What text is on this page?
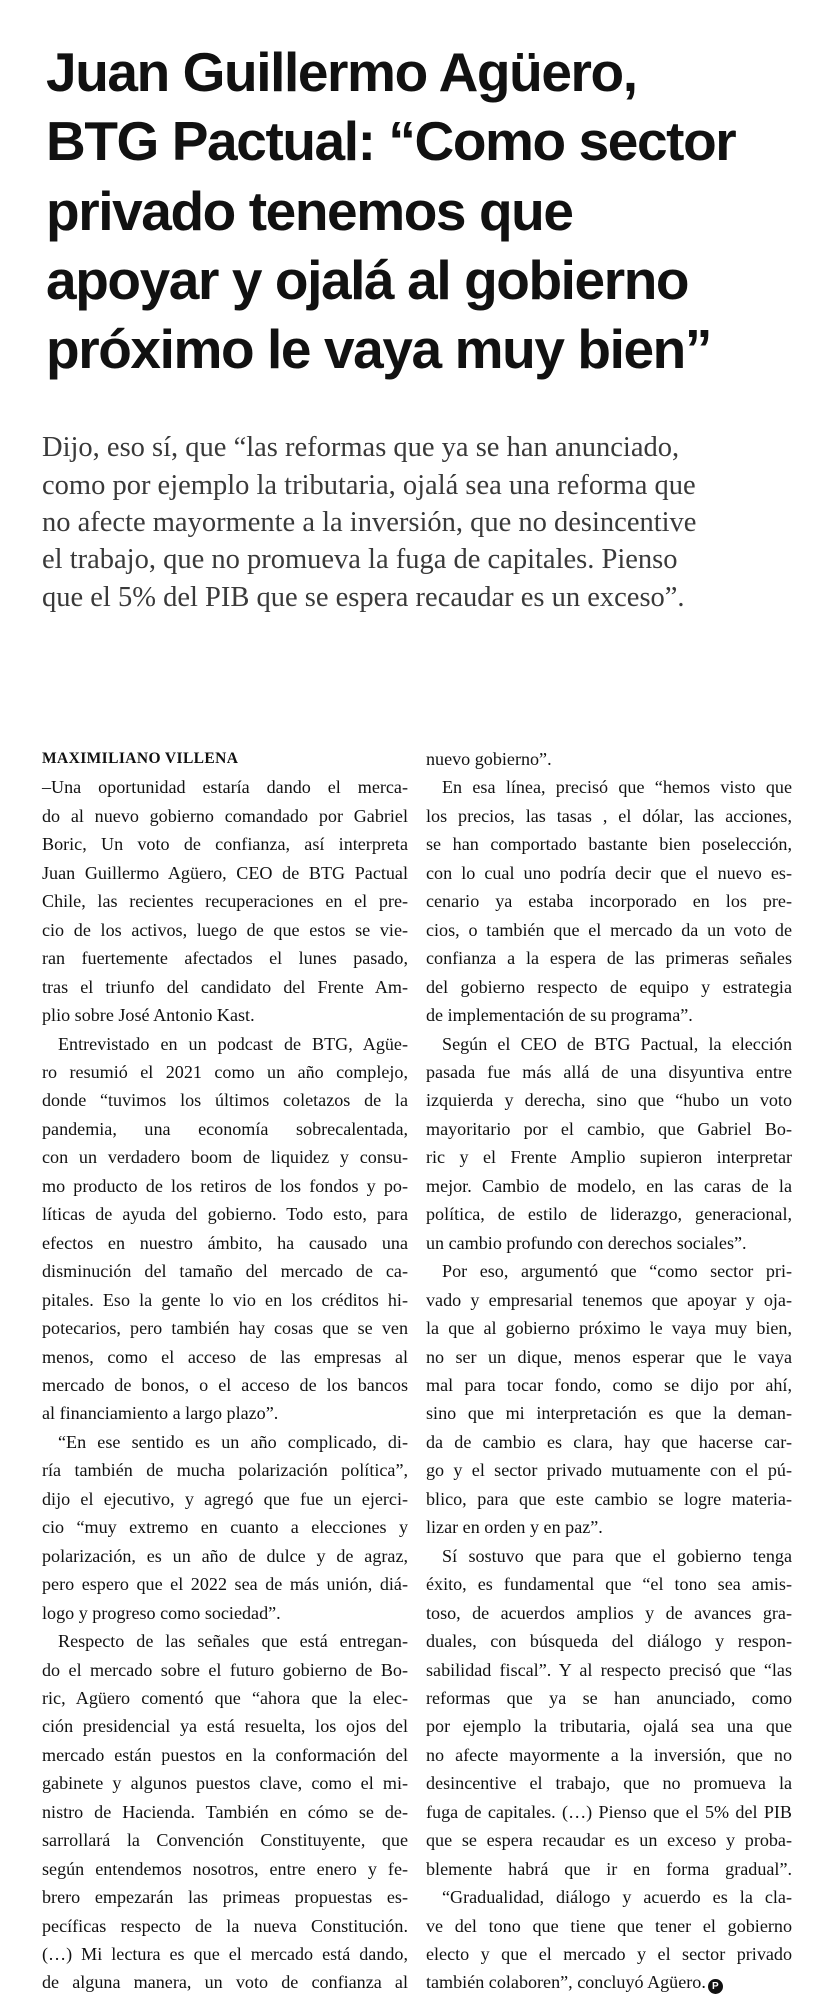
Juan Guillermo Agüero,
BTG Pactual: “Como sector
privado tenemos que
apoyar y ojalá al gobierno
próximo le vaya muy bien”
Dijo, eso sí, que “las reformas que ya se han anunciado,
como por ejemplo la tributaria, ojalá sea una reforma que
no afecte mayormente a la inversión, que no desincentive
el trabajo, que no promueva la fuga de capitales. Pienso
que el 5% del PIB que se espera recaudar es un exceso”.
MAXIMILIANO VILLENA
–Una oportunidad estaría dando el merca-
do al nuevo gobierno comandado por Gabriel
Boric, Un voto de confianza, así interpreta
Juan Guillermo Agüero, CEO de BTG Pactual
Chile, las recientes recuperaciones en el pre-
cio de los activos, luego de que estos se vie-
ran fuertemente afectados el lunes pasado,
tras el triunfo del candidato del Frente Am-
plio sobre José Antonio Kast.
Entrevistado en un podcast de BTG, Agüe-
ro resumió el 2021 como un año complejo,
donde “tuvimos los últimos coletazos de la
pandemia, una economía sobrecalentada,
con un verdadero boom de liquidez y consu-
mo producto de los retiros de los fondos y po-
líticas de ayuda del gobierno. Todo esto, para
efectos en nuestro ámbito, ha causado una
disminución del tamaño del mercado de ca-
pitales. Eso la gente lo vio en los créditos hi-
potecarios, pero también hay cosas que se ven
menos, como el acceso de las empresas al
mercado de bonos, o el acceso de los bancos
al financiamiento a largo plazo”.
“En ese sentido es un año complicado, di-
ría también de mucha polarización política”,
dijo el ejecutivo, y agregó que fue un ejerci-
cio “muy extremo en cuanto a elecciones y
polarización, es un año de dulce y de agraz,
pero espero que el 2022 sea de más unión, diá-
logo y progreso como sociedad”.
Respecto de las señales que está entregan-
do el mercado sobre el futuro gobierno de Bo-
ric, Agüero comentó que “ahora que la elec-
ción presidencial ya está resuelta, los ojos del
mercado están puestos en la conformación del
gabinete y algunos puestos clave, como el mi-
nistro de Hacienda. También en cómo se de-
sarrollará la Convención Constituyente, que
según entendemos nosotros, entre enero y fe-
brero empezarán las primeas propuestas es-
pecíficas respecto de la nueva Constitución.
(…) Mi lectura es que el mercado está dando,
de alguna manera, un voto de confianza al
nuevo gobierno”.
En esa línea, precisó que “hemos visto que
los precios, las tasas , el dólar, las acciones,
se han comportado bastante bien poselección,
con lo cual uno podría decir que el nuevo es-
cenario ya estaba incorporado en los pre-
cios, o también que el mercado da un voto de
confianza a la espera de las primeras señales
del gobierno respecto de equipo y estrategia
de implementación de su programa”.
Según el CEO de BTG Pactual, la elección
pasada fue más allá de una disyuntiva entre
izquierda y derecha, sino que “hubo un voto
mayoritario por el cambio, que Gabriel Bo-
ric y el Frente Amplio supieron interpretar
mejor. Cambio de modelo, en las caras de la
política, de estilo de liderazgo, generacional,
un cambio profundo con derechos sociales”.
Por eso, argumentó que “como sector pri-
vado y empresarial tenemos que apoyar y oja-
la que al gobierno próximo le vaya muy bien,
no ser un dique, menos esperar que le vaya
mal para tocar fondo, como se dijo por ahí,
sino que mi interpretación es que la deman-
da de cambio es clara, hay que hacerse car-
go y el sector privado mutuamente con el pú-
blico, para que este cambio se logre materia-
lizar en orden y en paz”.
Sí sostuvo que para que el gobierno tenga
éxito, es fundamental que “el tono sea amis-
toso, de acuerdos amplios y de avances gra-
duales, con búsqueda del diálogo y respon-
sabilidad fiscal”. Y al respecto precisó que “las
reformas que ya se han anunciado, como
por ejemplo la tributaria, ojalá sea una que
no afecte mayormente a la inversión, que no
desincentive el trabajo, que no promueva la
fuga de capitales. (…) Pienso que el 5% del PIB
que se espera recaudar es un exceso y proba-
blemente habrá que ir en forma gradual”.
“Gradualidad, diálogo y acuerdo es la cla-
ve del tono que tiene que tener el gobierno
electo y que el mercado y el sector privado
también colaboren”, concluyó Agüero. P
